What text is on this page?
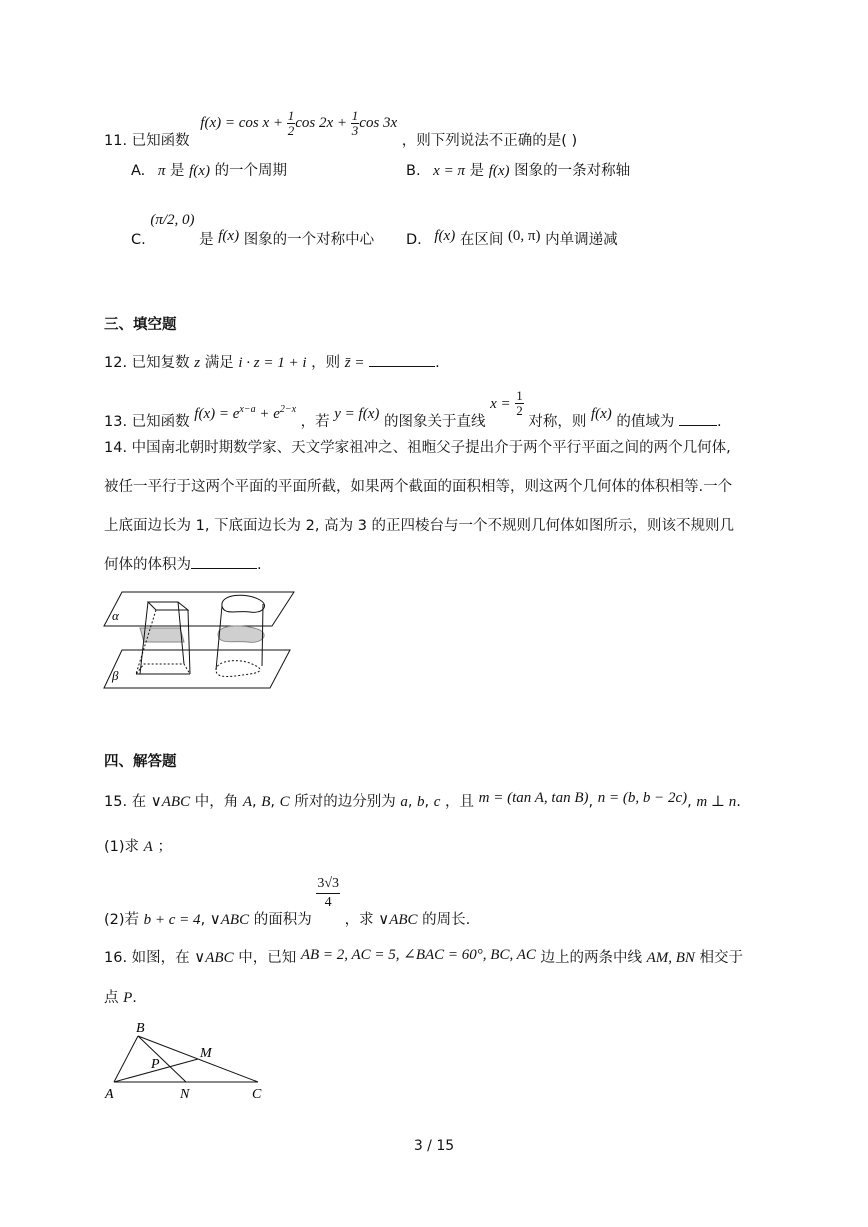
11. 已知函数 $f(x) = \cos x + \frac{1}{2}$ $\cos 2x + \frac{1}{3}$ cos 3x ，则下列说法不正确的是( )
A. π 是 f(x) 的一个周期	B. x = π 是 f(x) 图象的一条对称轴
C. (π/2, 0) 是 f(x) 图象的一个对称中心 D. f(x) 在区间 (0, π) 内单调递减
三、填空题
12. 已知复数 z 满足 i · z = 1 + i ，则 z̄ =	.
13. 已知函数 $f(x) = e^{x-a} + e^{2-x}$ ，若 y = f(x) 的图象关于直线 $x = \frac{1}{2}$
对称，则 f(x) 的值域为	.
14. 中国南北朝时期数学家、天文学家祖冲之、祖暅父子提出介于两个平行平面之间的两个几何体,
被任一平行于这两个平面的平面所截，如果两个截面的面积相等，则这两个几何体的体积相等.一个
上底面边长为 1, 下底面边长为 2, 高为 3 的正四棱台与一个不规则几何体如图所示，则该不规则几
何体的体积为	.
α
β
四、解答题
15. 在 ∨ABC 中，角 A, B, C 所对的边分别为 a, b, c ，且 m = (tan A, tan B), n = (b, b − 2c), m ⊥ n.
(1)求 A ；
(2)若 b + c = 4, ∨ABC 的面积为
$\frac{3√3}{4}$
，求 ∨ABC 的周长.
16. 如图，在 ∨ABC 中，已知 AB = 2, AC = 5, ∠BAC = 60°, BC, AC 边上的两条中线 AM, BN 相交于
点 P.
B
M
P
A	N	C
3 / 15
